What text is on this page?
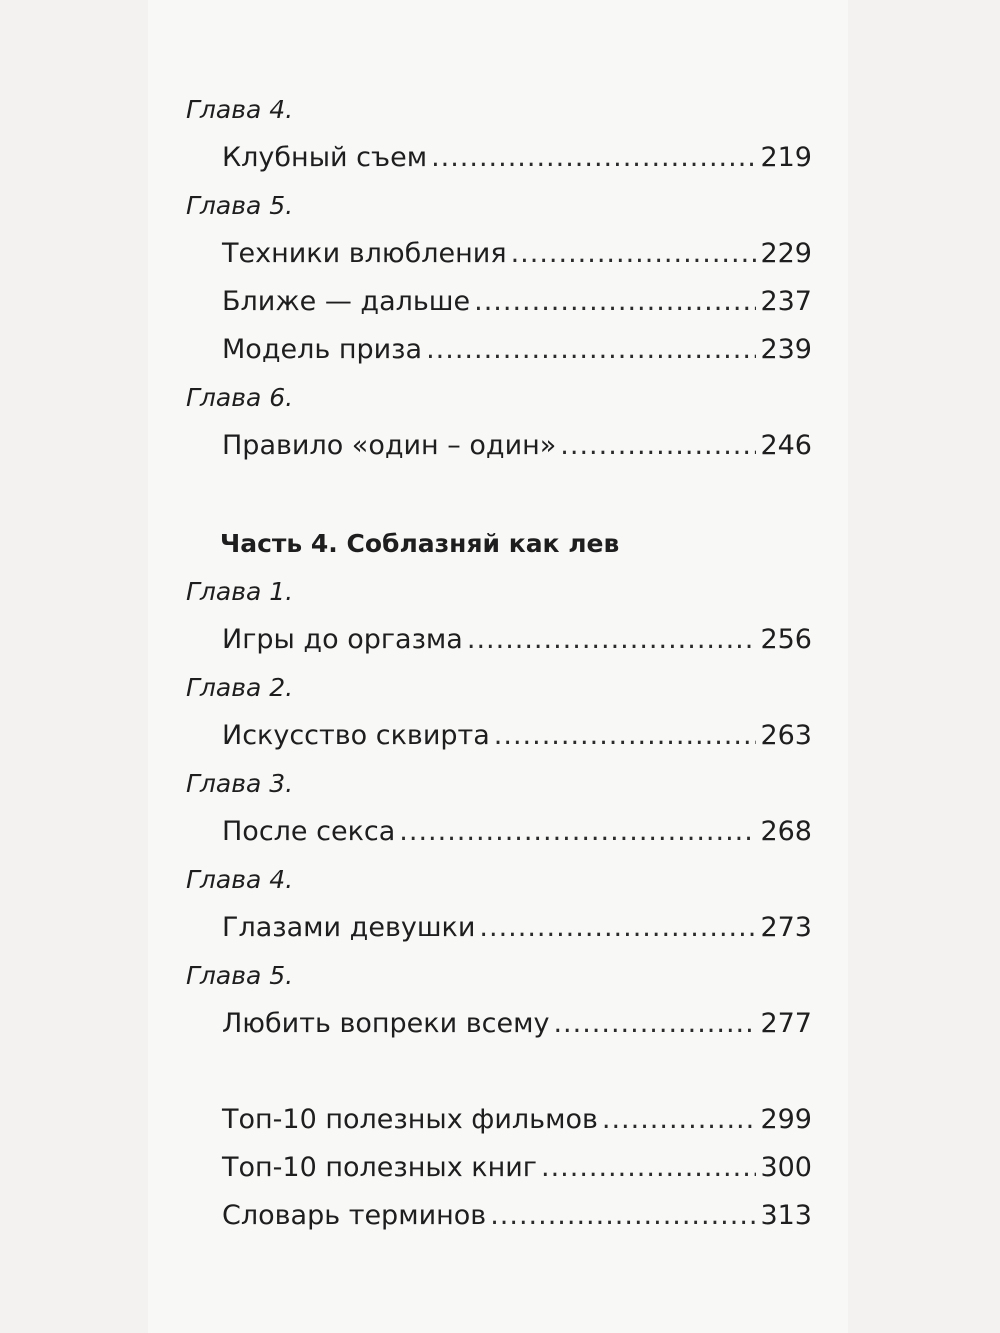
Глава 4.
Клубный съем .....	219
Глава 5.
Техники влюбления .....	229
Ближе — дальше .....	237
Модель приза .....	239
Глава 6.
Правило «один – один» .....	246
Часть 4. Соблазняй как лев
Глава 1.
Игры до оргазма .....	256
Глава 2.
Искусство сквирта .....	263
Глава 3.
После секса .....	268
Глава 4.
Глазами девушки .....	273
Глава 5.
Любить вопреки всему .....	277
Топ-10 полезных фильмов .....	299
Топ-10 полезных книг .....	300
Словарь терминов .....	313
